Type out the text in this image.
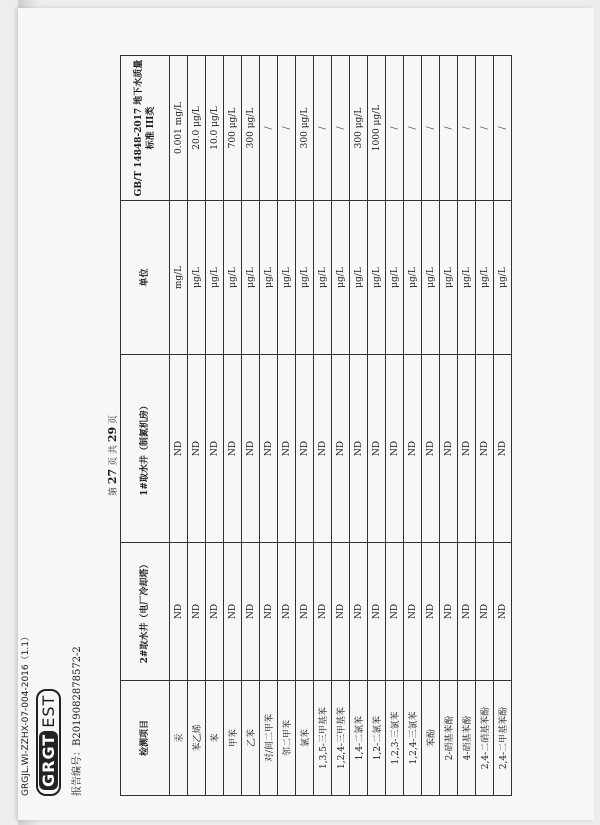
GRGJL.WI-ZZHX-07-004-2016（1.1） GRGT
EST	报告编号：B20190828785​72-2
第 27 页 共 29 页
检测项目	2#取水井（电厂冷却塔）	1#取水井（制氮机房）	单位	GB/T 14848-2017 地下水质量标准 III类
汞	ND	ND	mg/L	0.001 mg/L
苯乙烯	ND	ND	μg/L	20.0 μg/L
苯	ND	ND	μg/L	10.0 μg/L
甲苯	ND	ND	μg/L	700 μg/L
乙苯	ND	ND	μg/L	300 μg/L
对/间二甲苯	ND	ND	μg/L	/
邻二甲苯	ND	ND	μg/L	/
氯苯	ND	ND	μg/L	300 μg/L
1,3,5-三甲基苯	ND	ND	μg/L	/
1,2,4-三甲基苯	ND	ND	μg/L	/
1,4-二氯苯	ND	ND	μg/L	300 μg/L
1,2-二氯苯	ND	ND	μg/L	1000 μg/L
1,2,3-三氯苯	ND	ND	μg/L	/
1,2,4-三氯苯	ND	ND	μg/L	/
苯酚	ND	ND	μg/L	/
2-硝基苯酚	ND	ND	μg/L	/
4-硝基苯酚	ND	ND	μg/L	/
2,4-二硝基苯酚	ND	ND	μg/L	/
2,4-二甲基苯酚	ND	ND	μg/L	/
